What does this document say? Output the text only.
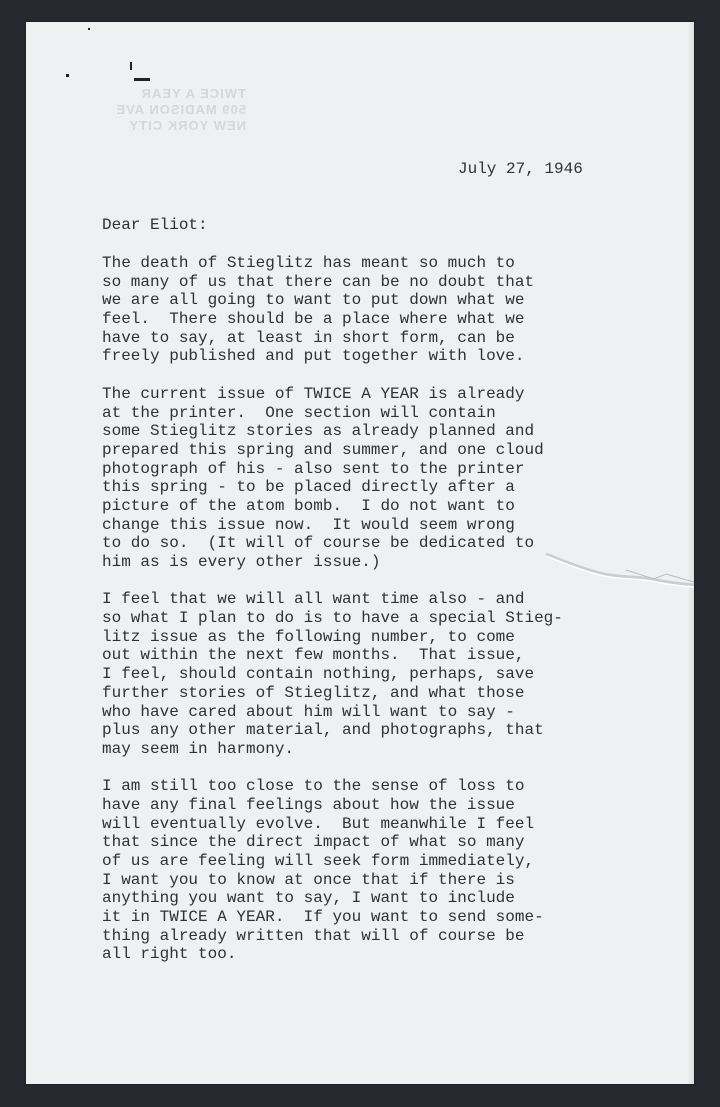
TWICE A YEAR
509 MADISON AVE
NEW YORK CITY
July 27, 1946
Dear Eliot:
The death of Stieglitz has meant so much to
so many of us that there can be no doubt that
we are all going to want to put down what we
feel.  There should be a place where what we
have to say, at least in short form, can be
freely published and put together with love.
The current issue of TWICE A YEAR is already
at the printer.  One section will contain
some Stieglitz stories as already planned and
prepared this spring and summer, and one cloud
photograph of his - also sent to the printer
this spring - to be placed directly after a
picture of the atom bomb.  I do not want to
change this issue now.  It would seem wrong
to do so.  (It will of course be dedicated to
him as is every other issue.)
I feel that we will all want time also - and
so what I plan to do is to have a special Stieg-
litz issue as the following number, to come
out within the next few months.  That issue,
I feel, should contain nothing, perhaps, save
further stories of Stieglitz, and what those
who have cared about him will want to say -
plus any other material, and photographs, that
may seem in harmony.
I am still too close to the sense of loss to
have any final feelings about how the issue
will eventually evolve.  But meanwhile I feel
that since the direct impact of what so many
of us are feeling will seek form immediately,
I want you to know at once that if there is
anything you want to say, I want to include
it in TWICE A YEAR.  If you want to send some-
thing already written that will of course be
all right too.
